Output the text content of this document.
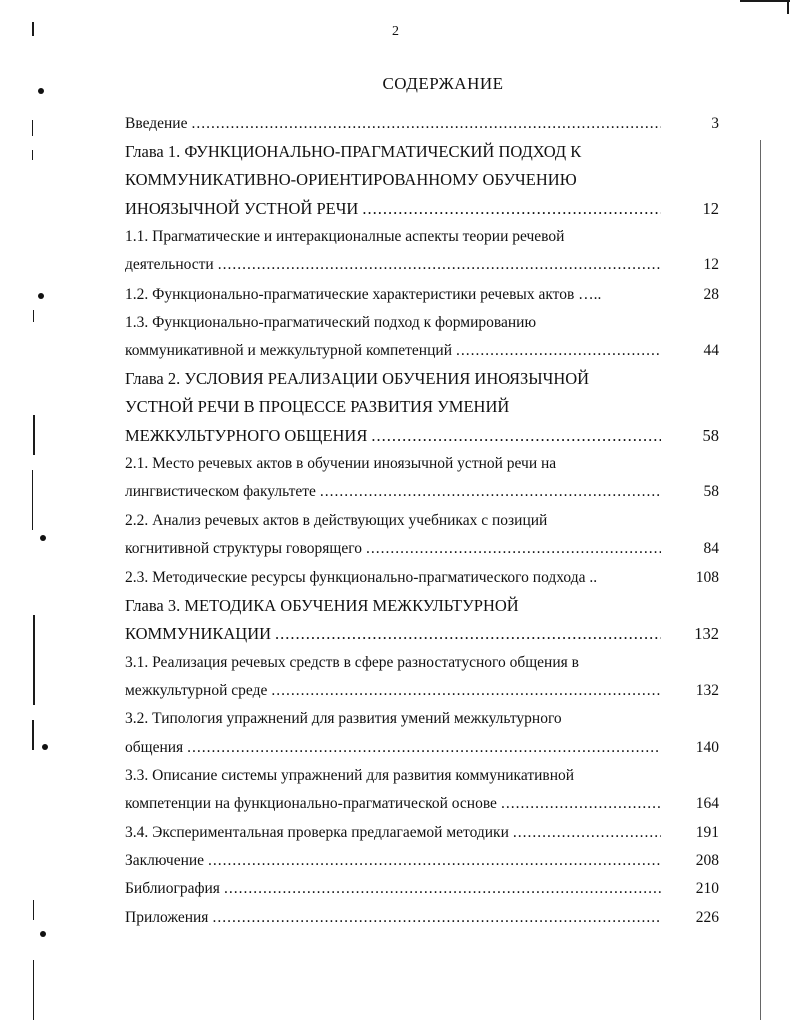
2
СОДЕРЖАНИЕ
Введение .....	3
Глава 1. ФУНКЦИОНАЛЬНО-ПРАГМАТИЧЕСКИЙ ПОДХОД К
КОММУНИКАТИВНО-ОРИЕНТИРОВАННОМУ ОБУЧЕНИЮ
ИНОЯЗЫЧНОЙ УСТНОЙ РЕЧИ .....	12
1.1. Прагматические и интеракционалные аспекты теории речевой
деятельности .....	12
1.2. Функционально-прагматические характеристики речевых актов …..	28
1.3. Функционально-прагматический подход к формированию
коммуникативной и межкультурной компетенций .....	44
Глава 2. УСЛОВИЯ РЕАЛИЗАЦИИ ОБУЧЕНИЯ ИНОЯЗЫЧНОЙ
УСТНОЙ РЕЧИ В ПРОЦЕССЕ РАЗВИТИЯ УМЕНИЙ
МЕЖКУЛЬТУРНОГО ОБЩЕНИЯ .....	58
2.1. Место речевых актов в обучении иноязычной устной речи на
лингвистическом факультете .....	58
2.2. Анализ речевых актов в действующих учебниках с позиций
когнитивной структуры говорящего .....	84
2.3. Методические ресурсы функционально-прагматического подхода ..	108
Глава 3. МЕТОДИКА ОБУЧЕНИЯ МЕЖКУЛЬТУРНОЙ
КОММУНИКАЦИИ .....	132
3.1. Реализация речевых средств в сфере разностатусного общения в
межкультурной среде .....	132
3.2. Типология упражнений для развития умений межкультурного
общения .....	140
3.3. Описание системы упражнений для развития коммуникативной
компетенции на функционально-прагматической основе .....	164
3.4. Экспериментальная проверка предлагаемой методики .....	191
Заключение .....	208
Библиография .....	210
Приложения .....	226
